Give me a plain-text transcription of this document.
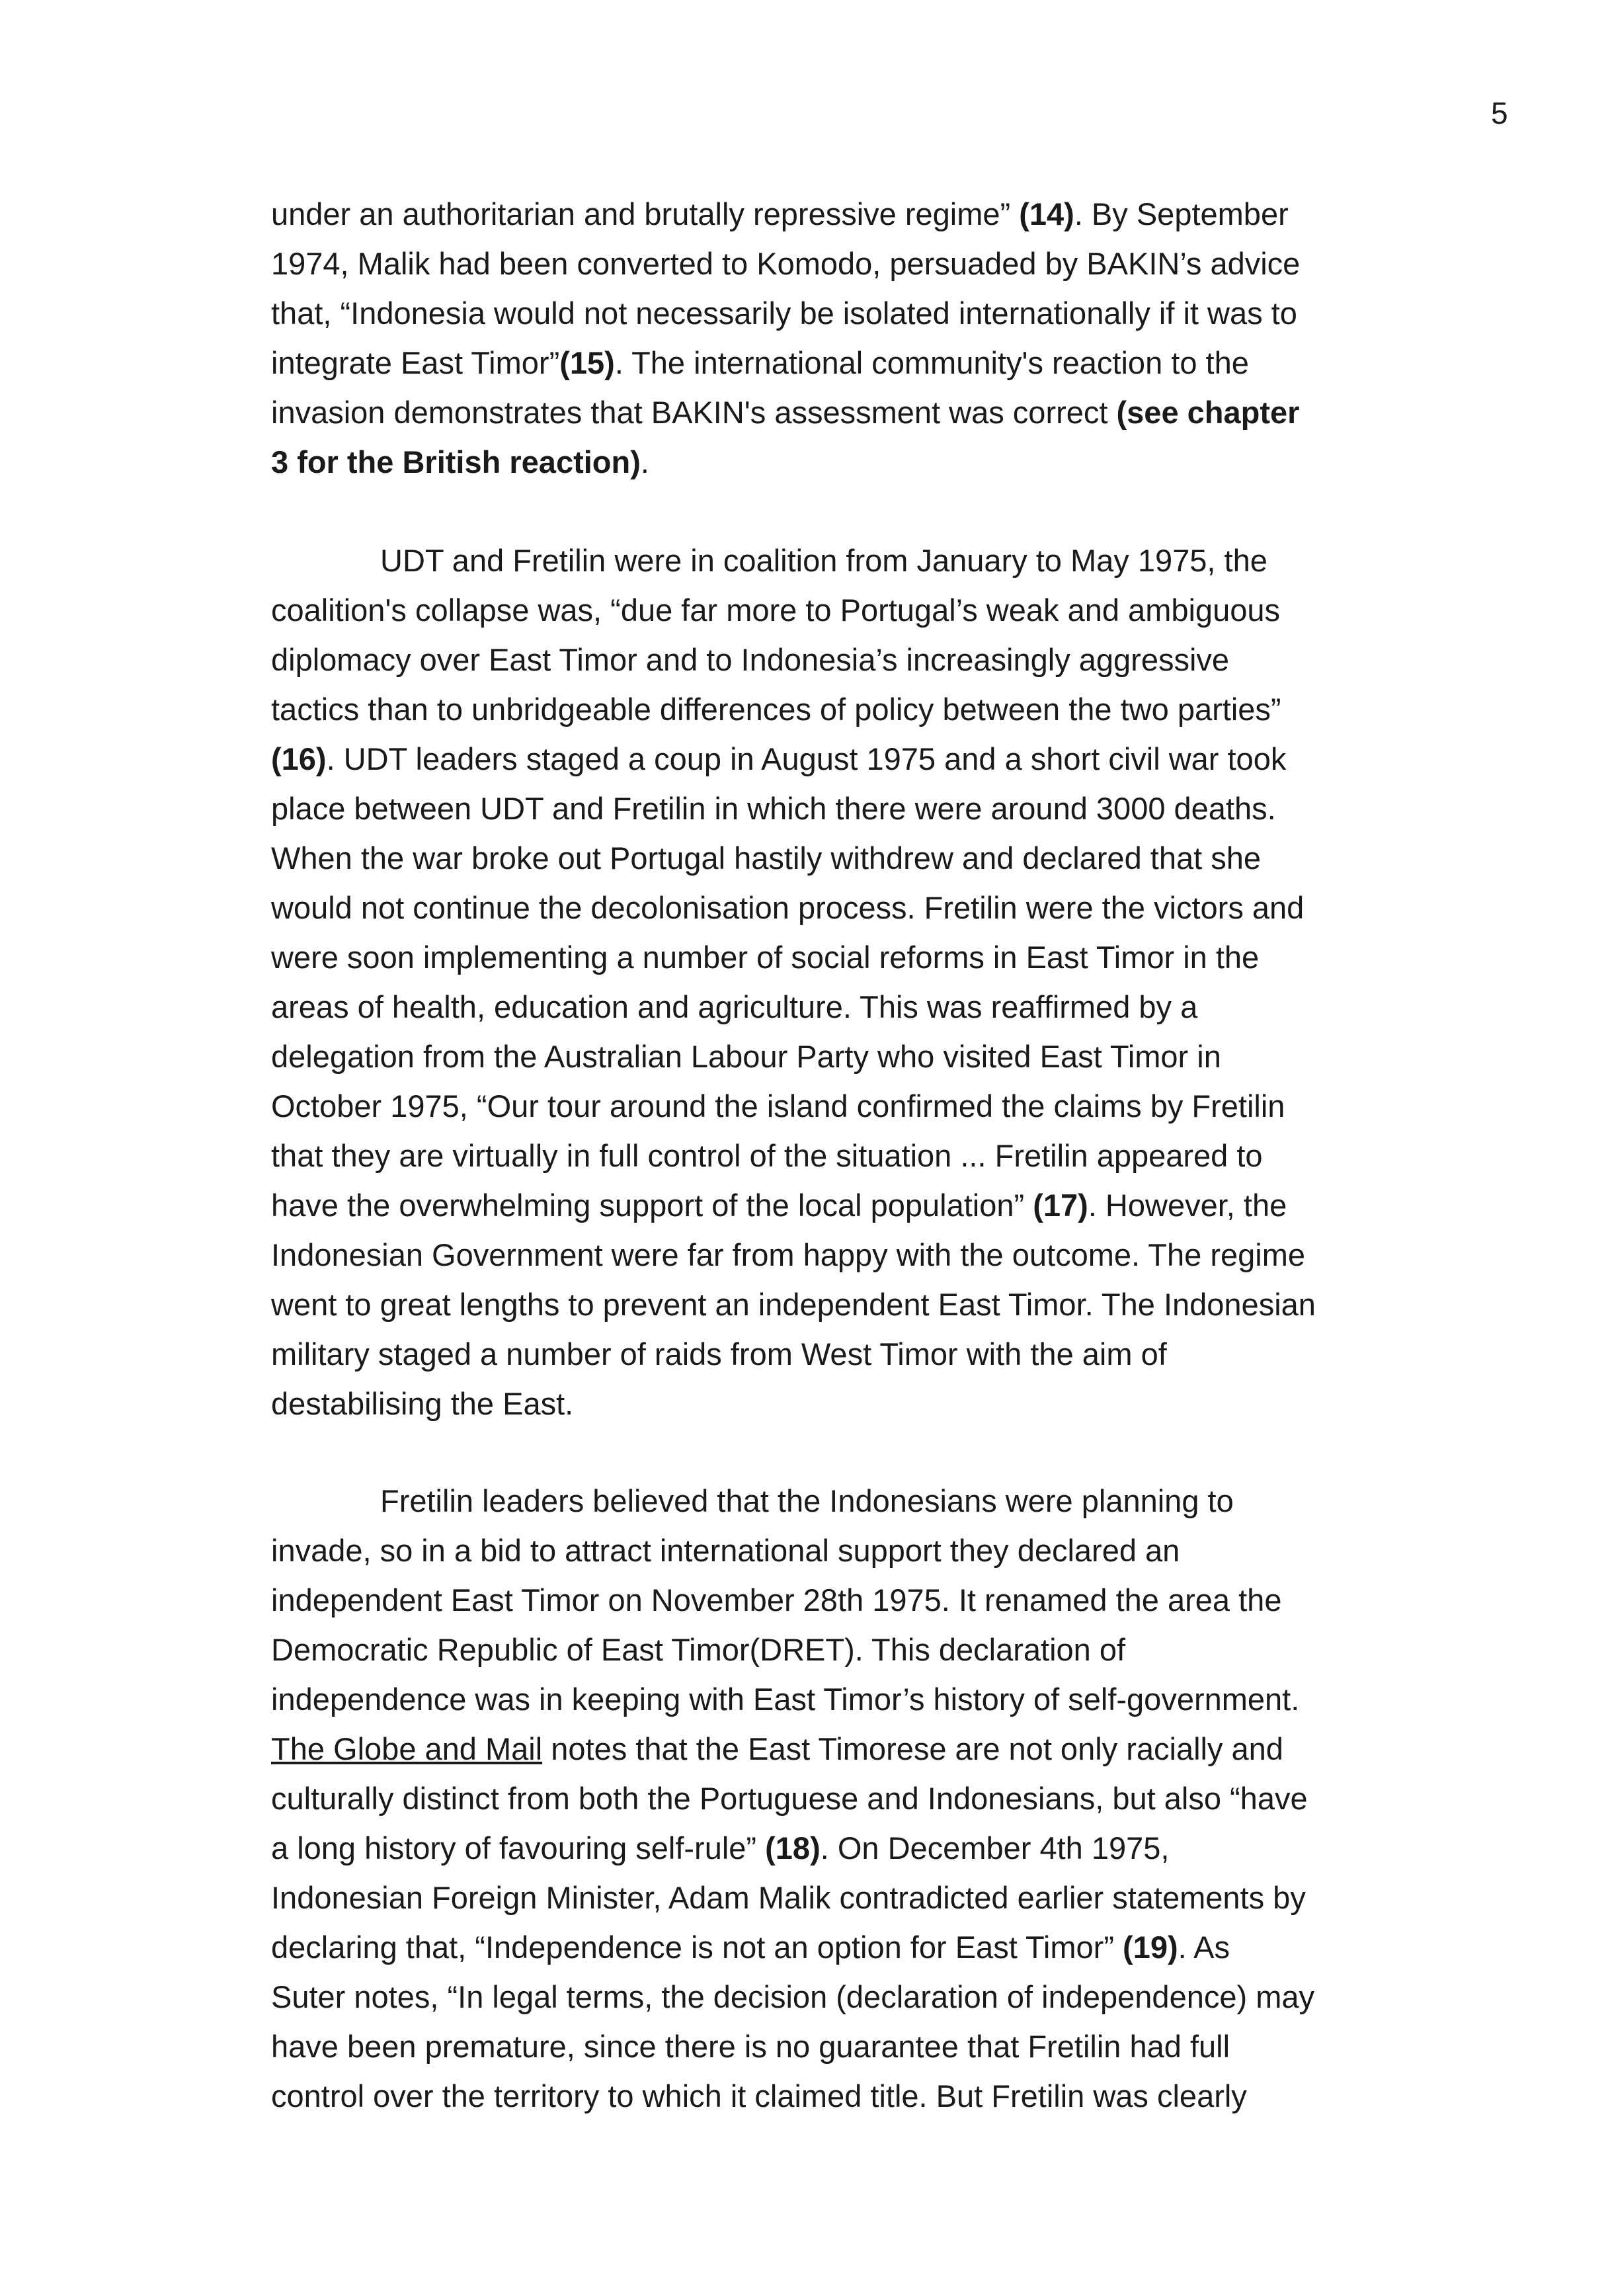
5
under an authoritarian and brutally repressive regime” (14). By September
1974, Malik had been converted to Komodo, persuaded by BAKIN’s advice
that, “Indonesia would not necessarily be isolated internationally if it was to
integrate East Timor”(15). The international community's reaction to the
invasion demonstrates that BAKIN's assessment was correct (see chapter
3 for the British reaction).
UDT and Fretilin were in coalition from January to May 1975, the
coalition's collapse was, “due far more to Portugal’s weak and ambiguous
diplomacy over East Timor and to Indonesia’s increasingly aggressive
tactics than to unbridgeable differences of policy between the two parties”
(16). UDT leaders staged a coup in August 1975 and a short civil war took
place between UDT and Fretilin in which there were around 3000 deaths.
When the war broke out Portugal hastily withdrew and declared that she
would not continue the decolonisation process. Fretilin were the victors and
were soon implementing a number of social reforms in East Timor in the
areas of health, education and agriculture. This was reaffirmed by a
delegation from the Australian Labour Party who visited East Timor in
October 1975, “Our tour around the island confirmed the claims by Fretilin
that they are virtually in full control of the situation ... Fretilin appeared to
have the overwhelming support of the local population” (17). However, the
Indonesian Government were far from happy with the outcome. The regime
went to great lengths to prevent an independent East Timor. The Indonesian
military staged a number of raids from West Timor with the aim of
destabilising the East.
Fretilin leaders believed that the Indonesians were planning to
invade, so in a bid to attract international support they declared an
independent East Timor on November 28th 1975. It renamed the area the
Democratic Republic of East Timor(DRET). This declaration of
independence was in keeping with East Timor’s history of self-government.
The Globe and Mail notes that the East Timorese are not only racially and
culturally distinct from both the Portuguese and Indonesians, but also “have
a long history of favouring self-rule” (18). On December 4th 1975,
Indonesian Foreign Minister, Adam Malik contradicted earlier statements by
declaring that, “Independence is not an option for East Timor” (19). As
Suter notes, “In legal terms, the decision (declaration of independence) may
have been premature, since there is no guarantee that Fretilin had full
control over the territory to which it claimed title. But Fretilin was clearly
